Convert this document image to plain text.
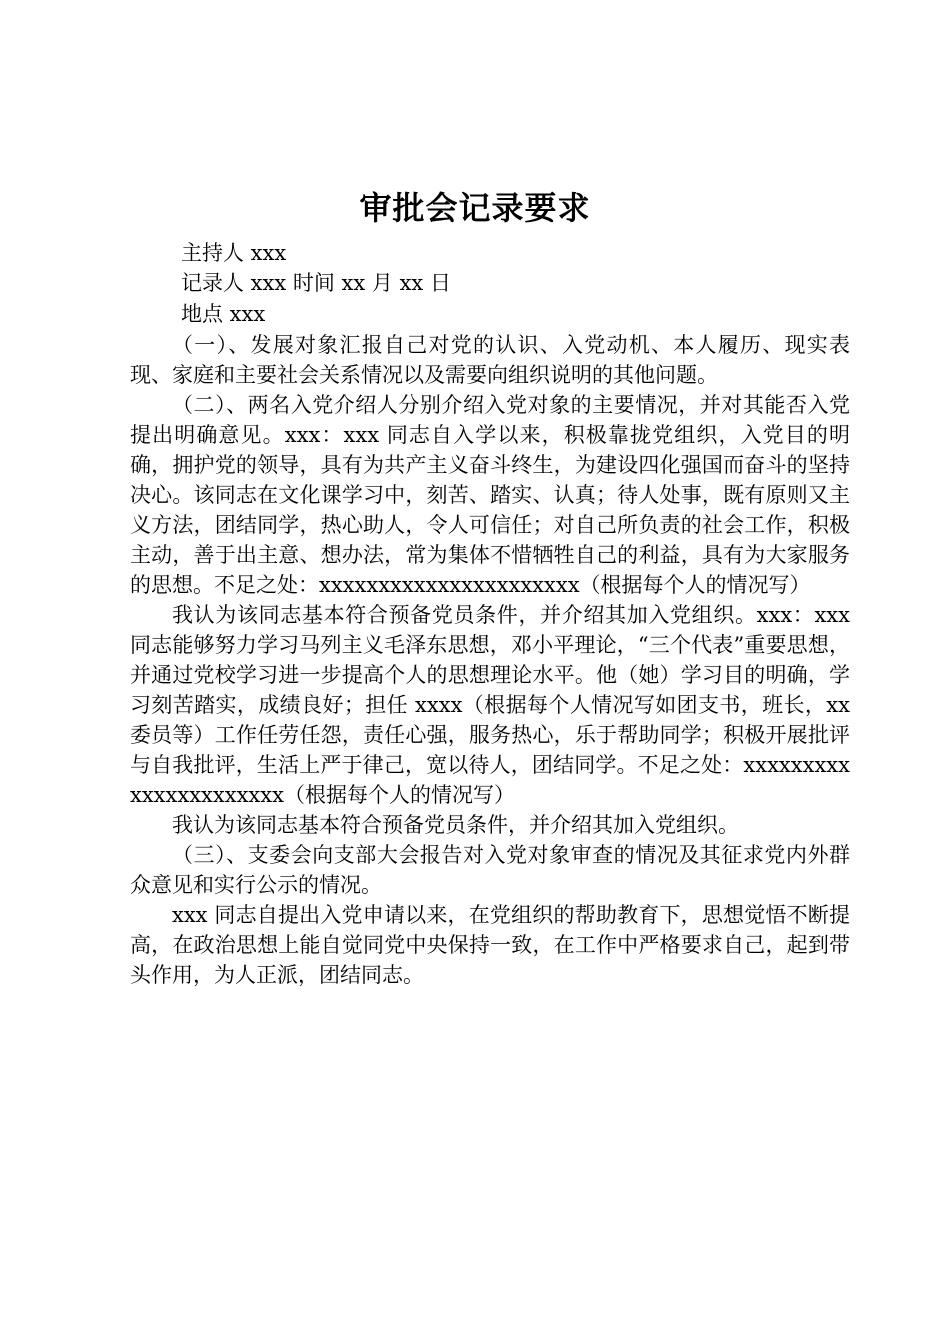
审批会记录要求
主持人 xxx
记录人 xxx 时间 xx 月 xx 日
地点 xxx

（一）、发展对象汇报自己对党的认识、入党动机、本人履历、现实表现、家庭和主要社会关系情况以及需要向组织说明的其他问题。

（二）、两名入党介绍人分别介绍入党对象的主要情况，并对其能否入党提出明确意见。xxx：xxx 同志自入学以来，积极靠拢党组织，入党目的明确，拥护党的领导，具有为共产主义奋斗终生，为建设四化强国而奋斗的坚持决心。该同志在文化课学习中，刻苦、踏实、认真；待人处事，既有原则又主义方法，团结同学，热心助人，令人可信任；对自己所负责的社会工作，积极主动，善于出主意、想办法，常为集体不惜牺牲自己的利益，具有为大家服务的思想。不足之处：xxxxxxxxxxxxxxxxxxxxxx（根据每个人的情况写）

我认为该同志基本符合预备党员条件，并介绍其加入党组织。xxx：xxx 同志能够努力学习马列主义毛泽东思想，邓小平理论，“三个代表”重要思想，并通过党校学习进一步提高个人的思想理论水平。他（她）学习目的明确，学习刻苦踏实，成绩良好；担任 xxxx（根据每个人情况写如团支书，班长，xx 委员等）工作任劳任怨，责任心强，服务热心，乐于帮助同学；积极开展批评与自我批评，生活上严于律己，宽以待人，团结同学。不足之处：xxxxxxxxxxxxxxxxxxxxxx（根据每个人的情况写）

我认为该同志基本符合预备党员条件，并介绍其加入党组织。

（三）、支委会向支部大会报告对入党对象审查的情况及其征求党内外群众意见和实行公示的情况。

xxx 同志自提出入党申请以来，在党组织的帮助教育下，思想觉悟不断提高，在政治思想上能自觉同党中央保持一致，在工作中严格要求自己，起到带头作用，为人正派，团结同志。
